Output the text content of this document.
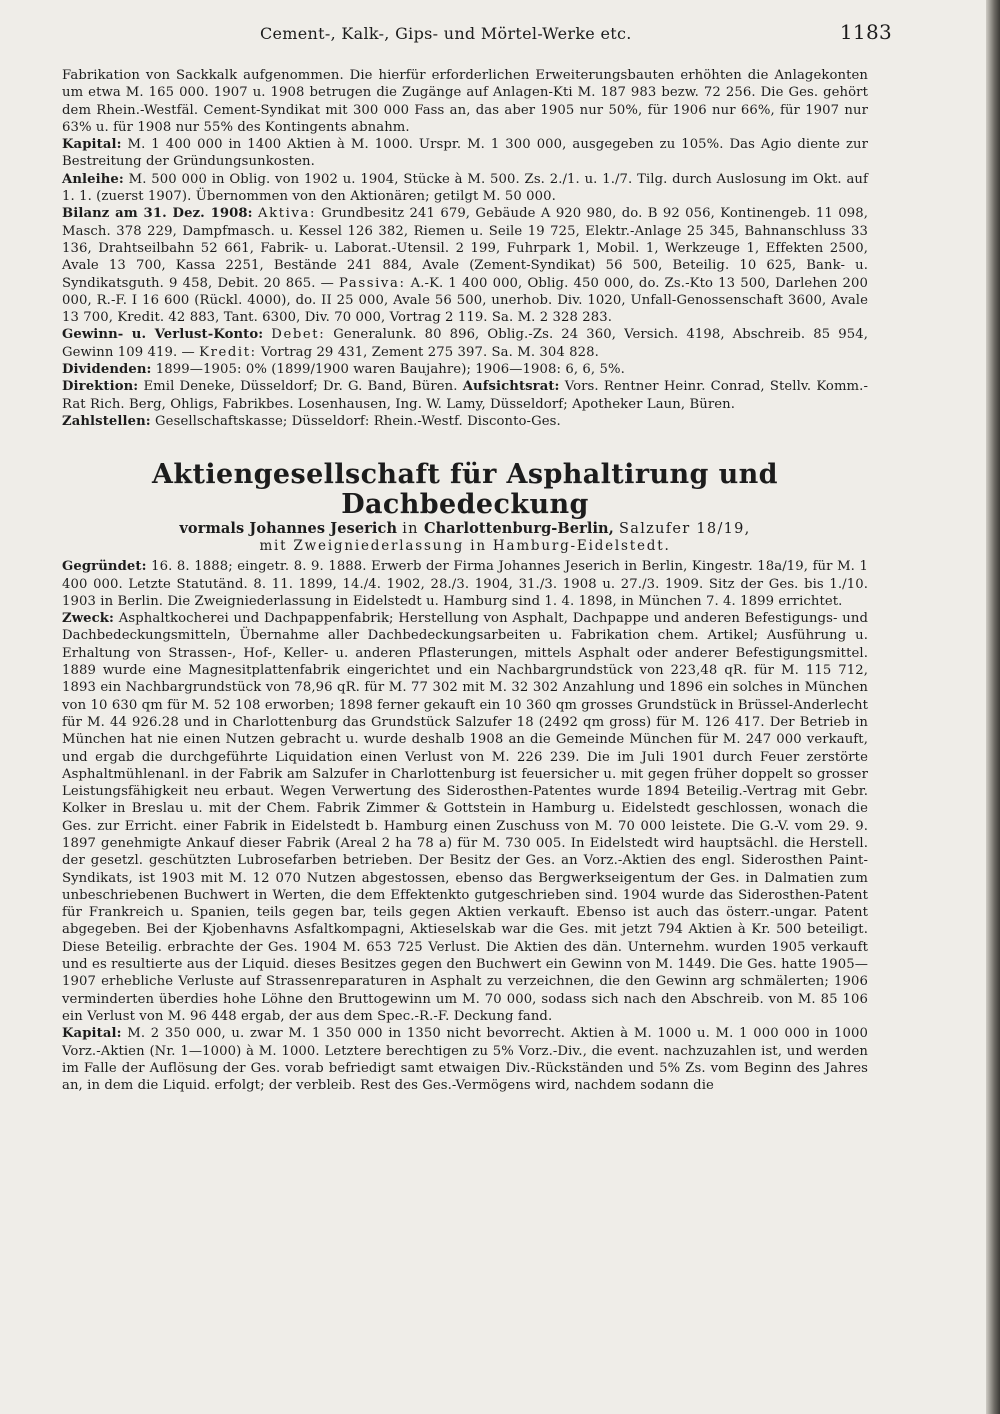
Cement-, Kalk-, Gips- und Mörtel-Werke etc.	1183

Fabrikation von Sackkalk aufgenommen. Die hierfür erforderlichen Erweiterungsbauten erhöhten die Anlagekonten um etwa M. 165 000. 1907 u. 1908 betrugen die Zugänge auf Anlagen-Kti M. 187 983 bezw. 72 256. Die Ges. gehört dem Rhein.-Westfäl. Cement-Syndikat mit 300 000 Fass an, das aber 1905 nur 50%, für 1906 nur 66%, für 1907 nur 63% u. für 1908 nur 55% des Kontingents abnahm.

Kapital: M. 1 400 000 in 1400 Aktien à M. 1000. Urspr. M. 1 300 000, ausgegeben zu 105%. Das Agio diente zur Bestreitung der Gründungsunkosten.

Anleihe: M. 500 000 in Oblig. von 1902 u. 1904, Stücke à M. 500. Zs. 2./1. u. 1./7. Tilg. durch Auslosung im Okt. auf 1. 1. (zuerst 1907). Übernommen von den Aktionären; getilgt M. 50 000.

Bilanz am 31. Dez. 1908: Aktiva: Grundbesitz 241 679, Gebäude A 920 980, do. B 92 056, Kontinengeb. 11 098, Masch. 378 229, Dampfmasch. u. Kessel 126 382, Riemen u. Seile 19 725, Elektr.-Anlage 25 345, Bahnanschluss 33 136, Drahtseilbahn 52 661, Fabrik- u. Laborat.-Utensil. 2 199, Fuhrpark 1, Mobil. 1, Werkzeuge 1, Effekten 2500, Avale 13 700, Kassa 2251, Bestände 241 884, Avale (Zement-Syndikat) 56 500, Beteilig. 10 625, Bank- u. Syndikatsguth. 9 458, Debit. 20 865. — Passiva: A.-K. 1 400 000, Oblig. 450 000, do. Zs.-Kto 13 500, Darlehen 200 000, R.-F. I 16 600 (Rückl. 4000), do. II 25 000, Avale 56 500, unerhob. Div. 1020, Unfall-Genossenschaft 3600, Avale 13 700, Kredit. 42 883, Tant. 6300, Div. 70 000, Vortrag 2 119. Sa. M. 2 328 283.

Gewinn- u. Verlust-Konto: Debet: Generalunk. 80 896, Oblig.-Zs. 24 360, Versich. 4198, Abschreib. 85 954, Gewinn 109 419. — Kredit: Vortrag 29 431, Zement 275 397. Sa. M. 304 828.

Dividenden: 1899—1905: 0% (1899/1900 waren Baujahre); 1906—1908: 6, 6, 5%.

Direktion: Emil Deneke, Düsseldorf; Dr. G. Band, Büren. Aufsichtsrat: Vors. Rentner Heinr. Conrad, Stellv. Komm.-Rat Rich. Berg, Ohligs, Fabrikbes. Losenhausen, Ing. W. Lamy, Düsseldorf; Apotheker Laun, Büren.

Zahlstellen: Gesellschaftskasse; Düsseldorf: Rhein.-Westf. Disconto-Ges.

Aktiengesellschaft für Asphaltirung und Dachbedeckung
vormals Johannes Jeserich in Charlottenburg-Berlin, Salzufer 18/19,
mit Zweigniederlassung in Hamburg-Eidelstedt.

Gegründet: 16. 8. 1888; eingetr. 8. 9. 1888. Erwerb der Firma Johannes Jeserich in Berlin, Kingestr. 18a/19, für M. 1 400 000. Letzte Statutänd. 8. 11. 1899, 14./4. 1902, 28./3. 1904, 31./3. 1908 u. 27./3. 1909. Sitz der Ges. bis 1./10. 1903 in Berlin. Die Zweigniederlassung in Eidelstedt u. Hamburg sind 1. 4. 1898, in München 7. 4. 1899 errichtet.

Zweck: Asphaltkocherei und Dachpappenfabrik; Herstellung von Asphalt, Dachpappe und anderen Befestigungs- und Dachbedeckungsmitteln, Übernahme aller Dachbedeckungsarbeiten u. Fabrikation chem. Artikel; Ausführung u. Erhaltung von Strassen-, Hof-, Keller- u. anderen Pflasterungen, mittels Asphalt oder anderer Befestigungsmittel. 1889 wurde eine Magnesitplattenfabrik eingerichtet und ein Nachbargrundstück von 223,48 qR. für M. 115 712, 1893 ein Nachbargrundstück von 78,96 qR. für M. 77 302 mit M. 32 302 Anzahlung und 1896 ein solches in München von 10 630 qm für M. 52 108 erworben; 1898 ferner gekauft ein 10 360 qm grosses Grundstück in Brüssel-Anderlecht für M. 44 926.28 und in Charlottenburg das Grundstück Salzufer 18 (2492 qm gross) für M. 126 417. Der Betrieb in München hat nie einen Nutzen gebracht u. wurde deshalb 1908 an die Gemeinde München für M. 247 000 verkauft, und ergab die durchgeführte Liquidation einen Verlust von M. 226 239. Die im Juli 1901 durch Feuer zerstörte Asphaltmühlenanl. in der Fabrik am Salzufer in Charlottenburg ist feuersicher u. mit gegen früher doppelt so grosser Leistungsfähigkeit neu erbaut. Wegen Verwertung des Siderosthen-Patentes wurde 1894 Beteilig.-Vertrag mit Gebr. Kolker in Breslau u. mit der Chem. Fabrik Zimmer & Gottstein in Hamburg u. Eidelstedt geschlossen, wonach die Ges. zur Erricht. einer Fabrik in Eidelstedt b. Hamburg einen Zuschuss von M. 70 000 leistete. Die G.-V. vom 29. 9. 1897 genehmigte Ankauf dieser Fabrik (Areal 2 ha 78 a) für M. 730 005. In Eidelstedt wird hauptsächl. die Herstell. der gesetzl. geschützten Lubrosefarben betrieben. Der Besitz der Ges. an Vorz.-Aktien des engl. Siderosthen Paint-Syndikats, ist 1903 mit M. 12 070 Nutzen abgestossen, ebenso das Bergwerkseigentum der Ges. in Dalmatien zum unbeschriebenen Buchwert in Werten, die dem Effektenkto gutgeschrieben sind. 1904 wurde das Siderosthen-Patent für Frankreich u. Spanien, teils gegen bar, teils gegen Aktien verkauft. Ebenso ist auch das österr.-ungar. Patent abgegeben. Bei der Kjobenhavns Asfaltkompagni, Aktieselskab war die Ges. mit jetzt 794 Aktien à Kr. 500 beteiligt. Diese Beteilig. erbrachte der Ges. 1904 M. 653 725 Verlust. Die Aktien des dän. Unternehm. wurden 1905 verkauft und es resultierte aus der Liquid. dieses Besitzes gegen den Buchwert ein Gewinn von M. 1449. Die Ges. hatte 1905—1907 erhebliche Verluste auf Strassenreparaturen in Asphalt zu verzeichnen, die den Gewinn arg schmälerten; 1906 verminderten überdies hohe Löhne den Bruttogewinn um M. 70 000, sodass sich nach den Abschreib. von M. 85 106 ein Verlust von M. 96 448 ergab, der aus dem Spec.-R.-F. Deckung fand.

Kapital: M. 2 350 000, u. zwar M. 1 350 000 in 1350 nicht bevorrecht. Aktien à M. 1000 u. M. 1 000 000 in 1000 Vorz.-Aktien (Nr. 1—1000) à M. 1000. Letztere berechtigen zu 5% Vorz.-Div., die event. nachzuzahlen ist, und werden im Falle der Auflösung der Ges. vorab befriedigt samt etwaigen Div.-Rückständen und 5% Zs. vom Beginn des Jahres an, in dem die Liquid. erfolgt; der verbleib. Rest des Ges.-Vermögens wird, nachdem sodann die
